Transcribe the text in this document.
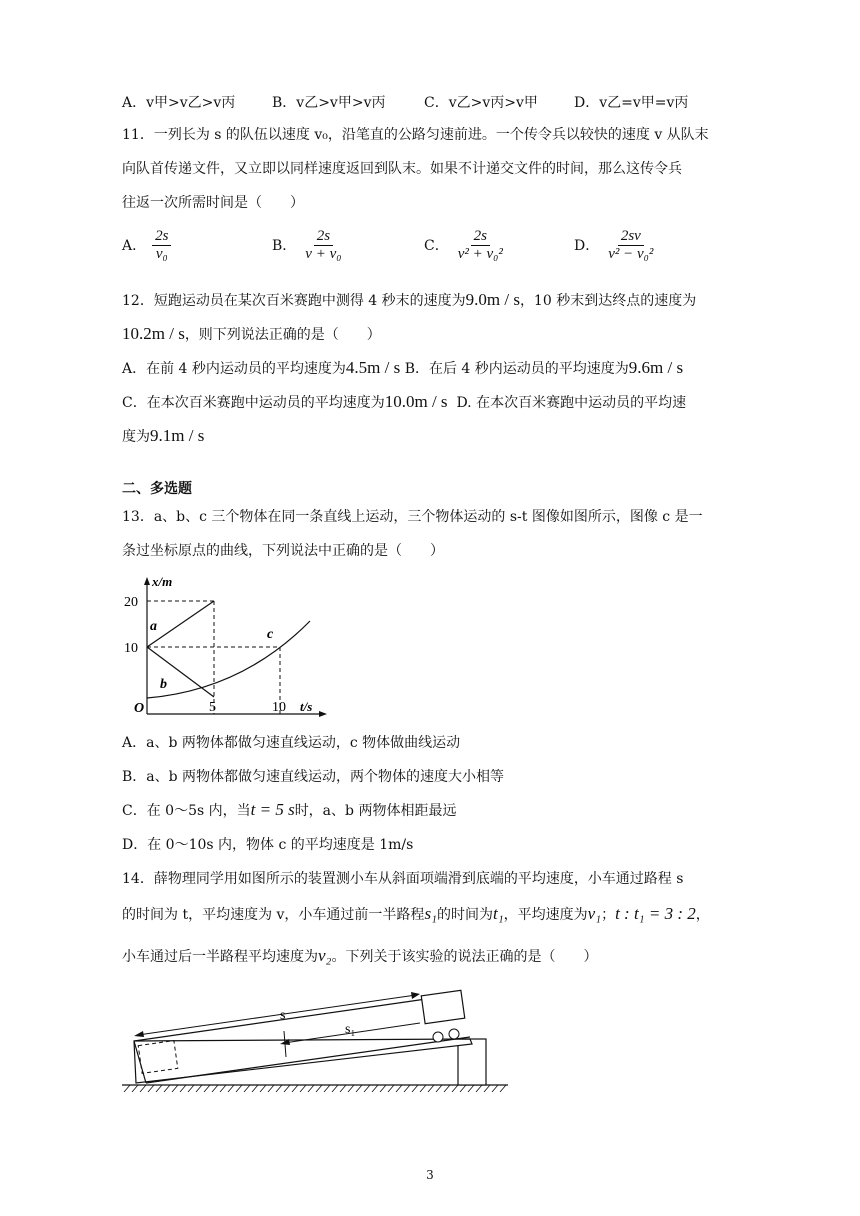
A．v甲>v乙>v丙	B．v乙>v甲>v丙	C．v乙>v丙>v甲	D．v乙=v甲=v丙
11．一列长为 s 的队伍以速度 v₀，沿笔直的公路匀速前进。一个传令兵以较快的速度 v 从队末
向队首传递文件，又立即以同样速度返回到队末。如果不计递交文件的时间，那么这传令兵
往返一次所需时间是（　　）
A． $\frac{2s}{\text{v₀}}$	B． $\frac{2s}{\text{v + v₀}}$	C． $\frac{2s}{\text{v² + v₀²}}$	D． $\frac{2sv}{\text{v² − v₀²}}$
12．短跑运动员在某次百米赛跑中测得 4 秒末的速度为9.0m / s，10 秒末到达终点的速度为
10.2m / s，则下列说法正确的是（　　）
A．在前 4 秒内运动员的平均速度为4.5m / s B．在后 4 秒内运动员的平均速度为9.6m / s
C．在本次百米赛跑中运动员的平均速度为10.0m / s D. 在本次百米赛跑中运动员的平均速
度为9.1m / s
二、多选题
13．a、b、c 三个物体在同一条直线上运动，三个物体运动的 s-t 图像如图所示，图像 c 是一
条过坐标原点的曲线，下列说法中正确的是（　　）
x/m
20
10
O	5	10 t/s
a
b
c
A．a、b 两物体都做匀速直线运动，c 物体做曲线运动
B．a、b 两物体都做匀速直线运动，两个物体的速度大小相等
C．在 0～5s 内，当t = 5 s时，a、b 两物体相距最远
D．在 0～10s 内，物体 c 的平均速度是 1m/s
14．薛物理同学用如图所示的装置测小车从斜面项端滑到底端的平均速度，小车通过路程 s
的时间为 t，平均速度为 v，小车通过前一半路程s₁的时间为t₁，平均速度为v₁；t : t₁ = 3 : 2，
小车通过后一半路程平均速度为v₂。下列关于该实验的说法正确的是（　　）
s
s₁
3
